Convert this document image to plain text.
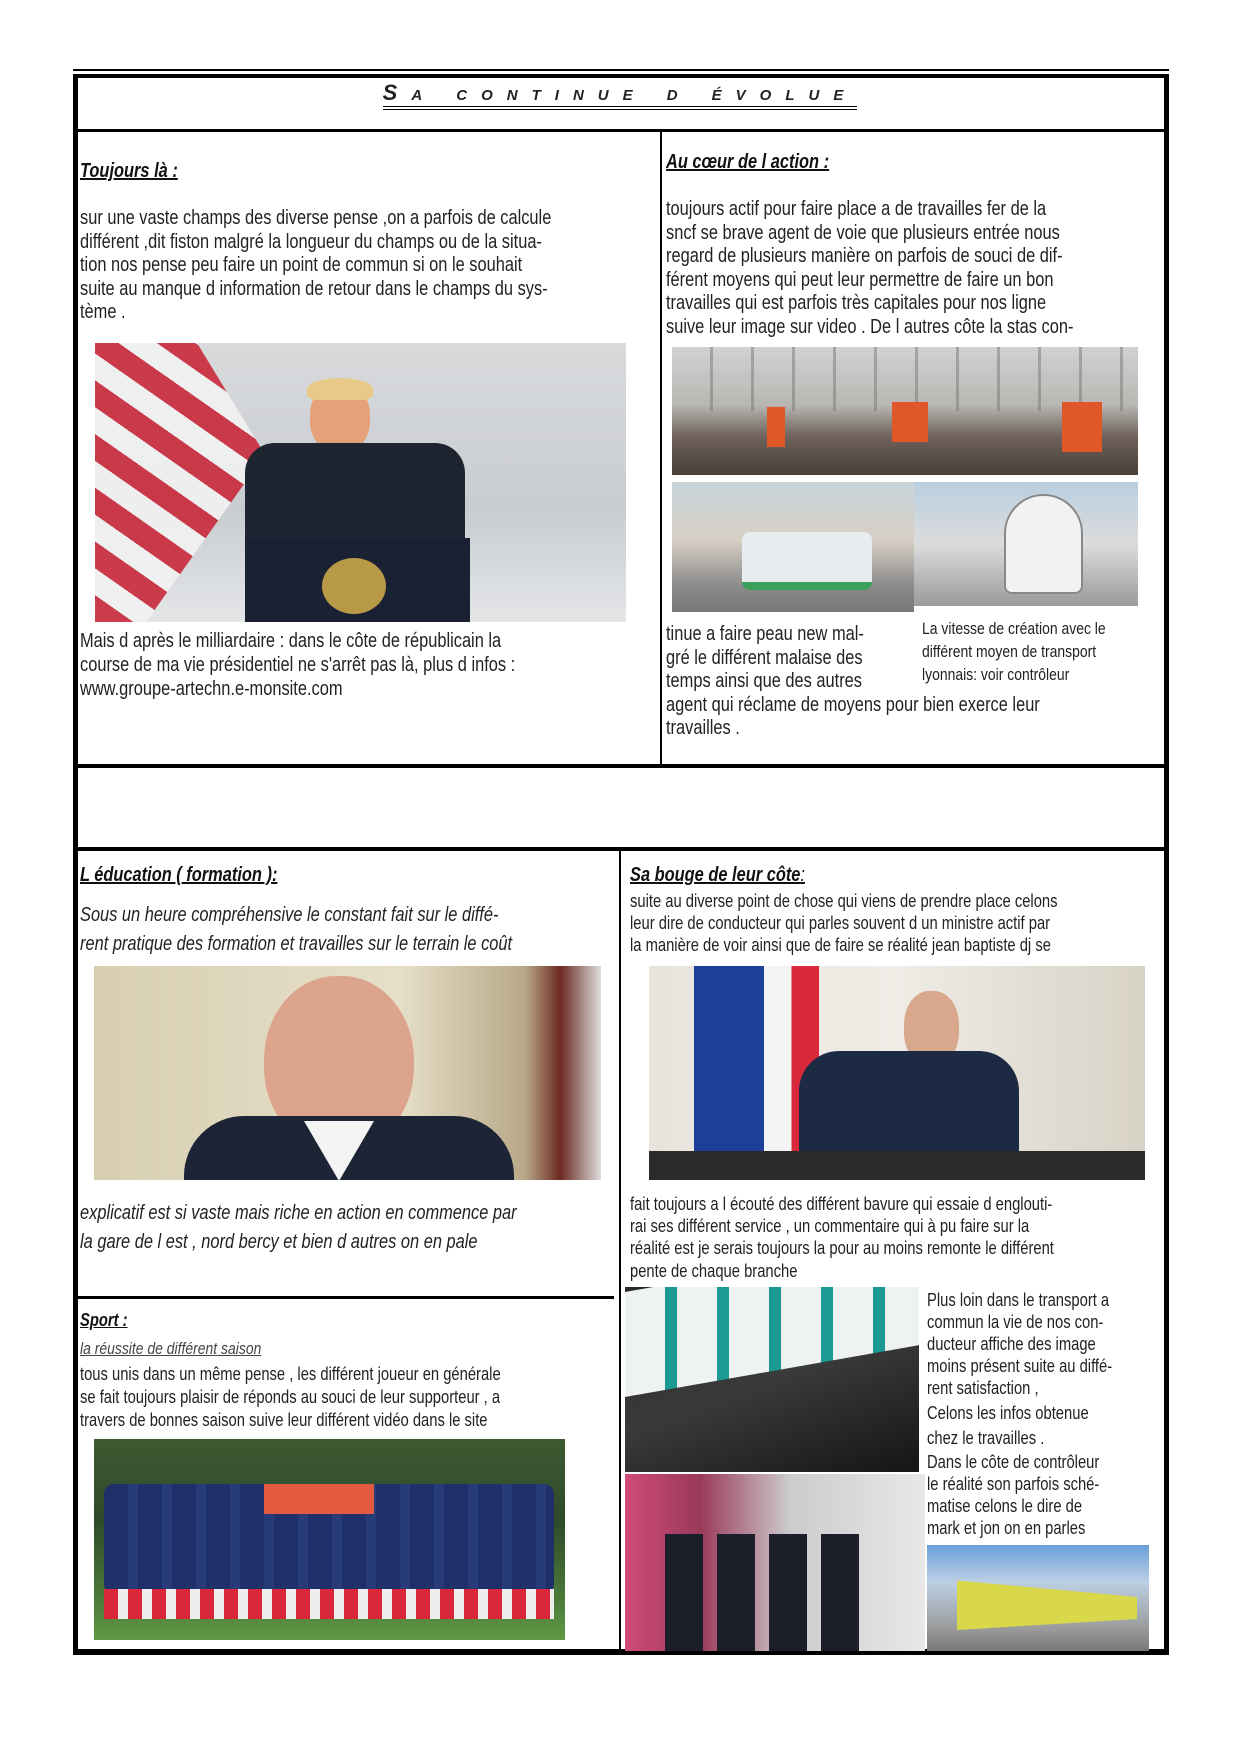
Sa continue d évolue
Toujours là :
sur une vaste champs des diverse pense ,on a parfois de calcule
différent ,dit fiston malgré la longueur du champs ou de la situa-
tion nos pense peu faire un point de commun si on le souhait
suite au manque d information de retour dans le champs du sys-
tème .
Mais d après le milliardaire : dans le côte de républicain la
course de ma vie présidentiel ne s'arrêt pas là, plus d infos :
www.groupe-artechn.e-monsite.com
Au cœur de l action :
toujours actif pour faire place a de travailles fer de la
sncf se brave agent de voie que plusieurs entrée nous
regard de plusieurs manière on parfois de souci de dif-
férent moyens qui peut leur permettre de faire un bon
travailles qui est parfois très capitales pour nos ligne
suive leur image sur video . De l autres côte la stas con-
tinue a faire peau new mal-
gré le différent malaise des
temps ainsi que des autres
agent qui réclame de moyens pour bien exerce leur
travailles .
La vitesse de création avec le
différent moyen de transport
lyonnais: voir contrôleur
L éducation ( formation ):
Sous un heure compréhensive le constant fait sur le diffé-
rent pratique des formation et travailles sur le terrain le coût
explicatif est si vaste mais riche en action en commence par
la gare de l est , nord bercy et bien d autres on en pale
Sport :
la réussite de différent saison
tous unis dans un même pense , les différent joueur en générale
se fait toujours plaisir de réponds au souci de leur supporteur , a
travers de bonnes saison suive leur différent vidéo dans le site
Sa bouge de leur côte:
suite au diverse point de chose qui viens de prendre place celons
leur dire de conducteur qui parles souvent d un ministre actif par
la manière de voir ainsi que de faire se réalité jean baptiste dj se
fait toujours a l écouté des différent bavure qui essaie d englouti-
rai ses différent service , un commentaire qui à pu faire sur la
réalité est je serais toujours la pour au moins remonte le différent
pente de chaque branche
Plus loin dans le transport a
commun la vie de nos con-
ducteur affiche des image
moins présent suite au diffé-
rent satisfaction ,
Celons les infos obtenue
chez le travailles .
Dans le côte de contrôleur
le réalité son parfois sché-
matise celons le dire de
mark et jon on en parles
